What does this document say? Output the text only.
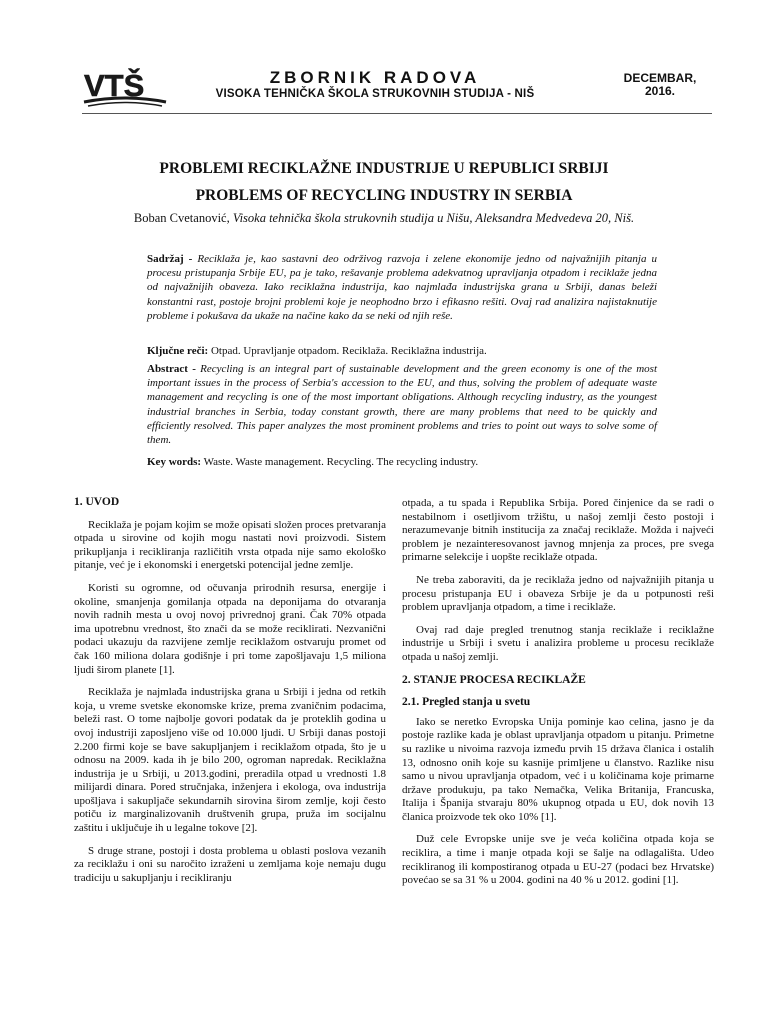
VTŠ	ZBORNIK RADOVA
VISOKA TEHNIČKA ŠKOLA STRUKOVNIH STUDIJA - NIŠ
DECEMBAR,
2016.
PROBLEMI RECIKLAŽNE INDUSTRIJE U REPUBLICI SRBIJI
PROBLEMS OF RECYCLING INDUSTRY IN SERBIA
Boban Cvetanović, Visoka tehnička škola strukovnih studija u Nišu, Aleksandra Medvedeva 20, Niš.
Sadržaj - Reciklaža je, kao sastavni deo održivog razvoja i zelene ekonomije jedno od najvažnijih pitanja u procesu pristupanja Srbije EU, pa je tako, rešavanje problema adekvatnog upravljanja otpadom i reciklaže jedna od najvažnijih obaveza. Iako reciklažna industrija, kao najmlađa industrijska grana u Srbiji, danas beleži konstantni rast, postoje brojni problemi koje je neophodno brzo i efikasno rešiti. Ovaj rad analizira najistaknutije probleme i pokušava da ukaže na načine kako da se neki od njih reše.
Ključne reči: Otpad. Upravljanje otpadom. Reciklaža. Reciklažna industrija.
Abstract - Recycling is an integral part of sustainable development and the green economy is one of the most important issues in the process of Serbia's accession to the EU, and thus, solving the problem of adequate waste management and recycling is one of the most important obligations. Although recycling industry, as the youngest industrial branches in Serbia, today constant growth, there are many problems that need to be quickly and efficiently resolved. This paper analyzes the most prominent problems and tries to point out ways to solve some of them.
Key words: Waste. Waste management. Recycling. The recycling industry.
1. UVOD

Reciklaža je pojam kojim se može opisati složen proces pretvaranja otpada u sirovine od kojih mogu nastati novi proizvodi. Sistem prikupljanja i recikliranja različitih vrsta otpada nije samo ekološko pitanje, već je i ekonomski i energetski potencijal jedne zemlje.

Koristi su ogromne, od očuvanja prirodnih resursa, energije i okoline, smanjenja gomilanja otpada na deponijama do otvaranja novih radnih mesta u ovoj novoj privrednoj grani. Čak 70% otpada ima upotrebnu vrednost, što znači da se može reciklirati. Nezvanični podaci ukazuju da razvijene zemlje reciklažom ostvaruju promet od čak 160 miliona dolara godišnje i pri tome zapošljavaju 1,5 miliona ljudi širom planete [1].

Reciklaža je najmlađa industrijska grana u Srbiji i jedna od retkih koja, u vreme svetske ekonomske krize, prema zvaničnim podacima, beleži rast. O tome najbolje govori podatak da je proteklih godina u ovoj industriji zaposljeno više od 10.000 ljudi. U Srbiji danas postoji 2.200 firmi koje se bave sakupljanjem i reciklažom otpada, što je u odnosu na 2009. kada ih je bilo 200, ogroman napredak. Reciklažna industrija je u Srbiji, u 2013.godini, preradila otpad u vrednosti 1.8 milijardi dinara. Pored stručnjaka, inženjera i ekologa, ova industrija upošljava i sakupljače sekundarnih sirovina širom zemlje, koji često potiču iz marginalizovanih društvenih grupa, pruža im socijalnu zaštitu i uključuje ih u legalne tokove [2].

S druge strane, postoji i dosta problema u oblasti poslova vezanih za reciklažu i oni su naročito izraženi u zemljama koje nemaju dugu tradiciju u sakupljanju i recikliranju

otpada, a tu spada i Republika Srbija. Pored činjenice da se radi o nestabilnom i osetljivom tržištu, u našoj zemlji često postoji i nerazumevanje bitnih institucija za značaj reciklaže. Možda i najveći problem je nezainteresovanost javnog mnjenja za proces, pre svega primarne selekcije i uopšte reciklaže otpada.

Ne treba zaboraviti, da je reciklaža jedno od najvažnijih pitanja u procesu pristupanja EU i obaveza Srbije je da u potpunosti reši problem upravljanja otpadom, a time i reciklaže.

Ovaj rad daje pregled trenutnog stanja reciklaže i reciklažne industrije u Srbiji i svetu i analizira probleme u procesu reciklaže otpada u našoj zemlji.

2. STANJE PROCESA RECIKLAŽE
2.1. Pregled stanja u svetu

Iako se neretko Evropska Unija pominje kao celina, jasno je da postoje razlike kada je oblast upravljanja otpadom u pitanju. Primetne su razlike u nivoima razvoja između prvih 15 država članica i ostalih 13, odnosno onih koje su kasnije primljene u članstvo. Razlike nisu samo u nivou upravljanja otpadom, već i u količinama koje primarne države produkuju, pa tako Nemačka, Velika Britanija, Francuska, Italija i Španija stvaraju 80% ukupnog otpada u EU, dok novih 13 članica proizvode tek oko 10% [1].

Duž cele Evropske unije sve je veća količina otpada koja se reciklira, a time i manje otpada koji se šalje na odlagališta. Udeo recikliranog ili kompostiranog otpada u EU-27 (podaci bez Hrvatske) povećao se sa 31 % u 2004. godini na 40 % u 2012. godini [1].
